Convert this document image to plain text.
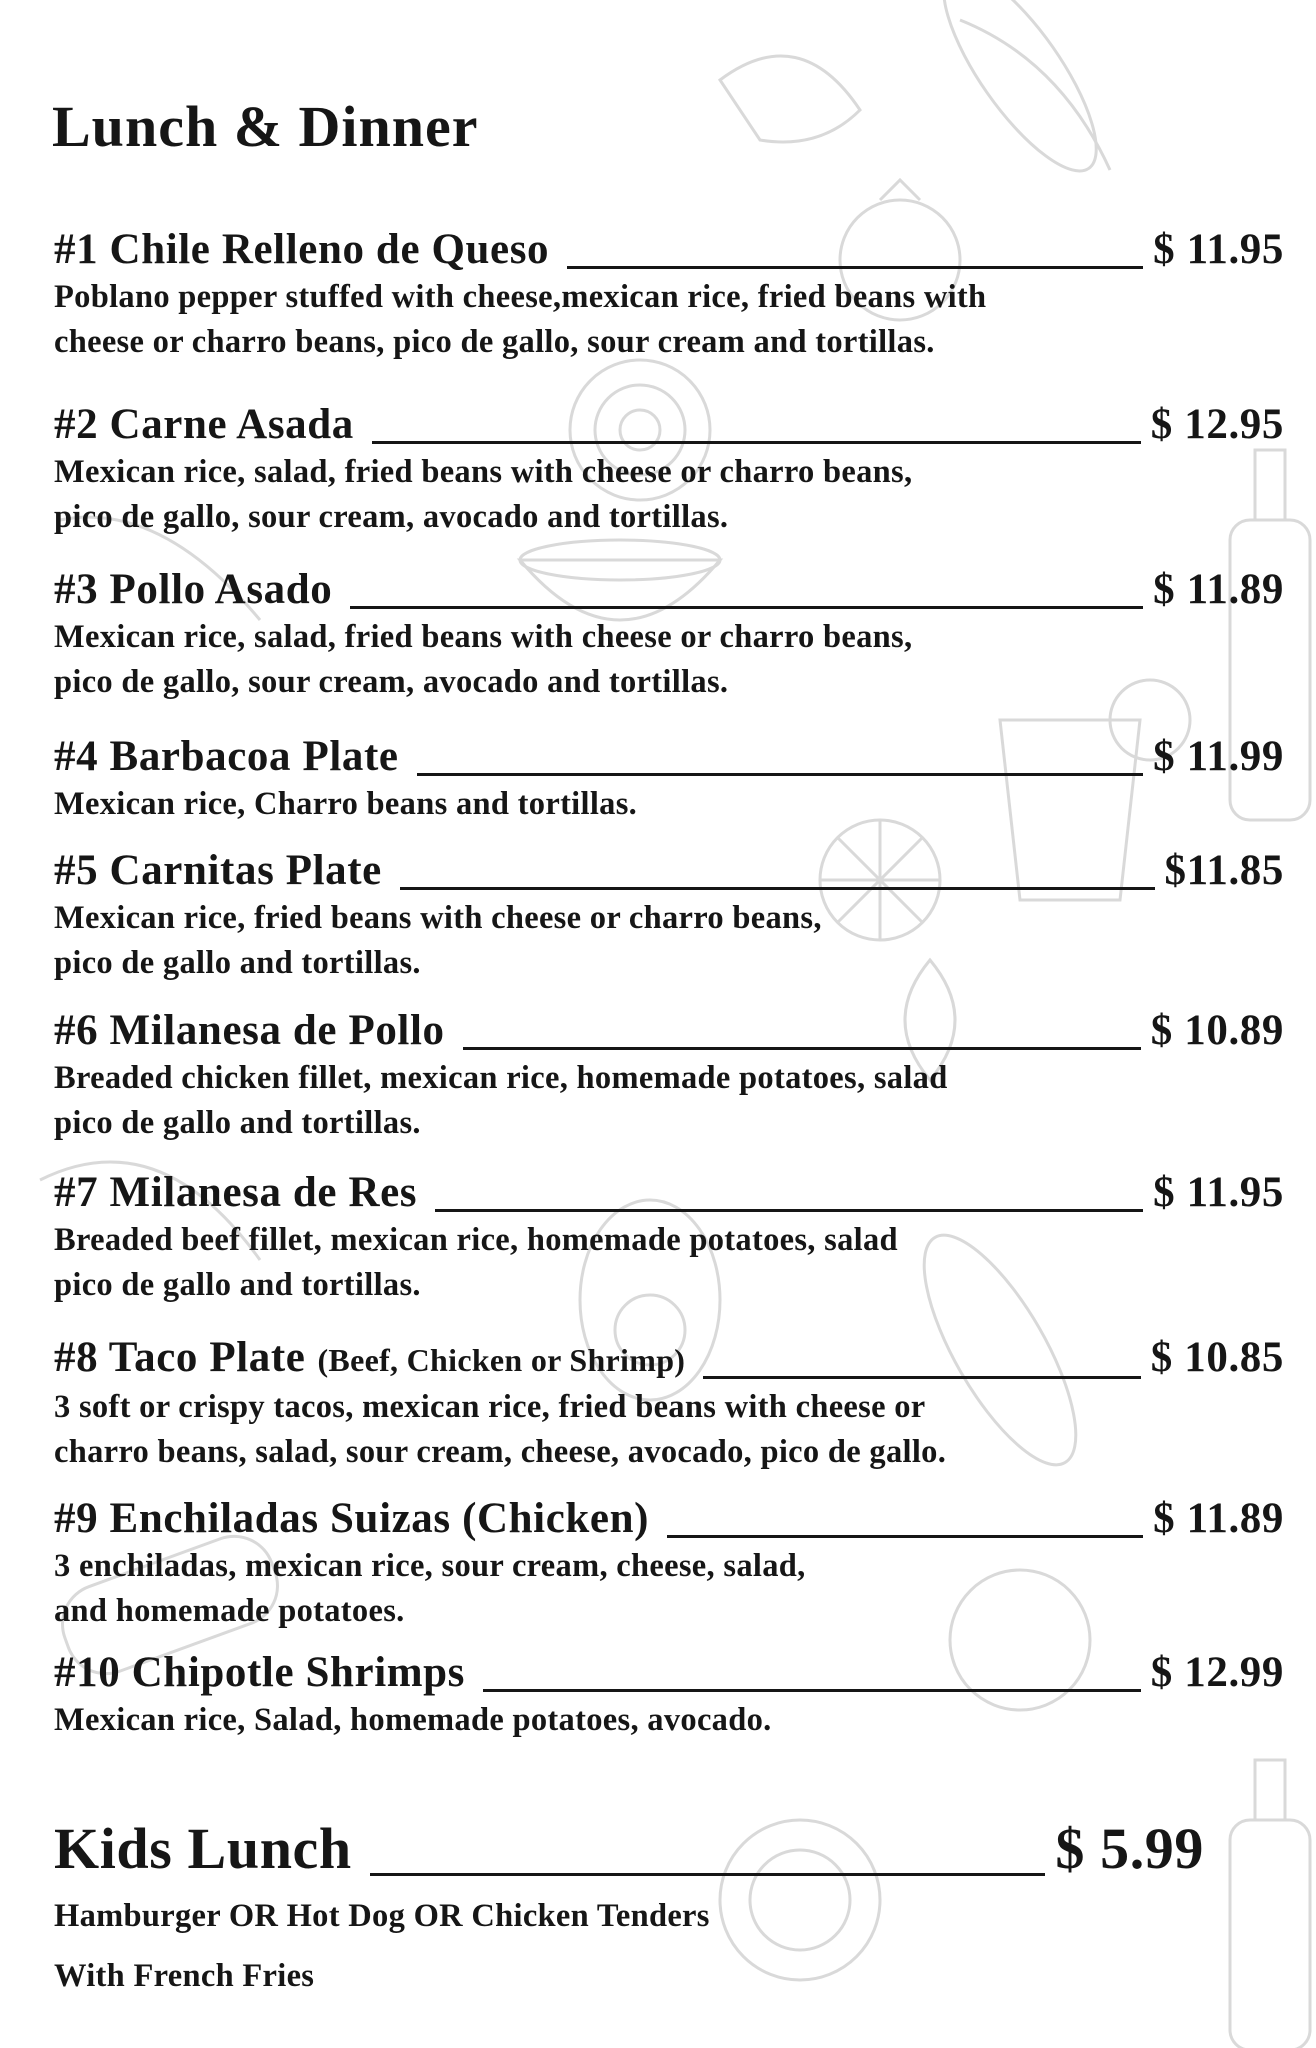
Lunch & Dinner
#1 Chile Relleno de Queso	$ 11.95
Poblano pepper stuffed with cheese,mexican rice, fried beans with
cheese or charro beans, pico de gallo, sour cream and tortillas.
#2 Carne Asada	$ 12.95
Mexican rice, salad, fried beans with cheese or charro beans,
pico de gallo, sour cream, avocado and tortillas.
#3 Pollo Asado	$ 11.89
Mexican rice, salad, fried beans with cheese or charro beans,
pico de gallo, sour cream, avocado and tortillas.
#4 Barbacoa Plate	$ 11.99
Mexican rice, Charro beans and tortillas.
#5 Carnitas Plate	$11.85
Mexican rice, fried beans with cheese or charro beans,
pico de gallo and tortillas.
#6 Milanesa de Pollo	$ 10.89
Breaded chicken fillet, mexican rice, homemade potatoes, salad
pico de gallo and tortillas.
#7 Milanesa de Res	$ 11.95
Breaded beef fillet, mexican rice, homemade potatoes, salad
pico de gallo and tortillas.
#8 Taco Plate (Beef, Chicken or Shrimp)	$ 10.85
3 soft or crispy tacos, mexican rice, fried beans with cheese or
charro beans, salad, sour cream, cheese, avocado, pico de gallo.
#9 Enchiladas Suizas (Chicken)	$ 11.89
3 enchiladas, mexican rice, sour cream, cheese, salad,
and homemade potatoes.
#10 Chipotle Shrimps	$ 12.99
Mexican rice, Salad, homemade potatoes, avocado.
Kids Lunch	$ 5.99
Hamburger OR Hot Dog OR Chicken Tenders
With French Fries
